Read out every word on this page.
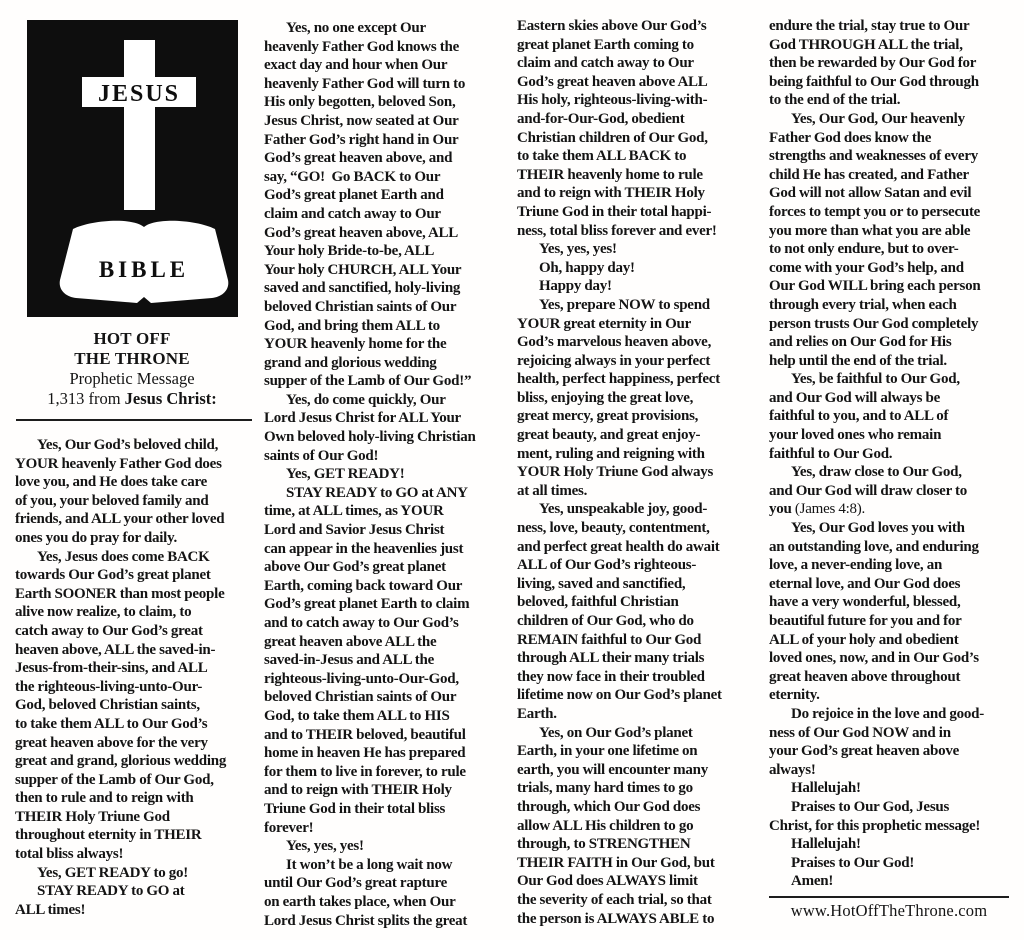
JESUS
BIBLE
HOT OFF
THE THRONE
Prophetic Message
1,313 from Jesus Christ:
Yes, Our God’s beloved child,
YOUR heavenly Father God does
love you, and He does take care
of you, your beloved family and
friends, and ALL your other loved
ones you do pray for daily.
Yes, Jesus does come BACK
towards Our God’s great planet
Earth SOONER than most people
alive now realize, to claim, to
catch away to Our God’s great
heaven above, ALL the saved-in-
Jesus-from-their-sins, and ALL
the righteous-living-unto-Our-
God, beloved Christian saints,
to take them ALL to Our God’s
great heaven above for the very
great and grand, glorious wedding
supper of the Lamb of Our God,
then to rule and to reign with
THEIR Holy Triune God
throughout eternity in THEIR
total bliss always!
Yes, GET READY to go!
STAY READY to GO at
ALL times!
Yes, no one except Our
heavenly Father God knows the
exact day and hour when Our
heavenly Father God will turn to
His only begotten, beloved Son,
Jesus Christ, now seated at Our
Father God’s right hand in Our
God’s great heaven above, and
say, “GO!  Go BACK to Our
God’s great planet Earth and
claim and catch away to Our
God’s great heaven above, ALL
Your holy Bride-to-be, ALL
Your holy CHURCH, ALL Your
saved and sanctified, holy-living
beloved Christian saints of Our
God, and bring them ALL to
YOUR heavenly home for the
grand and glorious wedding
supper of the Lamb of Our God!”
Yes, do come quickly, Our
Lord Jesus Christ for ALL Your
Own beloved holy-living Christian
saints of Our God!
Yes, GET READY!
STAY READY to GO at ANY
time, at ALL times, as YOUR
Lord and Savior Jesus Christ
can appear in the heavenlies just
above Our God’s great planet
Earth, coming back toward Our
God’s great planet Earth to claim
and to catch away to Our God’s
great heaven above ALL the
saved-in-Jesus and ALL the
righteous-living-unto-Our-God,
beloved Christian saints of Our
God, to take them ALL to HIS
and to THEIR beloved, beautiful
home in heaven He has prepared
for them to live in forever, to rule
and to reign with THEIR Holy
Triune God in their total bliss
forever!
Yes, yes, yes!
It won’t be a long wait now
until Our God’s great rapture
on earth takes place, when Our
Lord Jesus Christ splits the great
Eastern skies above Our God’s
great planet Earth coming to
claim and catch away to Our
God’s great heaven above ALL
His holy, righteous-living-with-
and-for-Our-God, obedient
Christian children of Our God,
to take them ALL BACK to
THEIR heavenly home to rule
and to reign with THEIR Holy
Triune God in their total happi-
ness, total bliss forever and ever!
Yes, yes, yes!
Oh, happy day!
Happy day!
Yes, prepare NOW to spend
YOUR great eternity in Our
God’s marvelous heaven above,
rejoicing always in your perfect
health, perfect happiness, perfect
bliss, enjoying the great love,
great mercy, great provisions,
great beauty, and great enjoy-
ment, ruling and reigning with
YOUR Holy Triune God always
at all times.
Yes, unspeakable joy, good-
ness, love, beauty, contentment,
and perfect great health do await
ALL of Our God’s righteous-
living, saved and sanctified,
beloved, faithful Christian
children of Our God, who do
REMAIN faithful to Our God
through ALL their many trials
they now face in their troubled
lifetime now on Our God’s planet
Earth.
Yes, on Our God’s planet
Earth, in your one lifetime on
earth, you will encounter many
trials, many hard times to go
through, which Our God does
allow ALL His children to go
through, to STRENGTHEN
THEIR FAITH in Our God, but
Our God does ALWAYS limit
the severity of each trial, so that
the person is ALWAYS ABLE to
endure the trial, stay true to Our
God THROUGH ALL the trial,
then be rewarded by Our God for
being faithful to Our God through
to the end of the trial.
Yes, Our God, Our heavenly
Father God does know the
strengths and weaknesses of every
child He has created, and Father
God will not allow Satan and evil
forces to tempt you or to persecute
you more than what you are able
to not only endure, but to over-
come with your God’s help, and
Our God WILL bring each person
through every trial, when each
person trusts Our God completely
and relies on Our God for His
help until the end of the trial.
Yes, be faithful to Our God,
and Our God will always be
faithful to you, and to ALL of
your loved ones who remain
faithful to Our God.
Yes, draw close to Our God,
and Our God will draw closer to
you (James 4:8).
Yes, Our God loves you with
an outstanding love, and enduring
love, a never-ending love, an
eternal love, and Our God does
have a very wonderful, blessed,
beautiful future for you and for
ALL of your holy and obedient
loved ones, now, and in Our God’s
great heaven above throughout
eternity.
Do rejoice in the love and good-
ness of Our God NOW and in
your God’s great heaven above
always!
Hallelujah!
Praises to Our God, Jesus
Christ, for this prophetic message!
Hallelujah!
Praises to Our God!
Amen!
www.HotOffTheThrone.com
